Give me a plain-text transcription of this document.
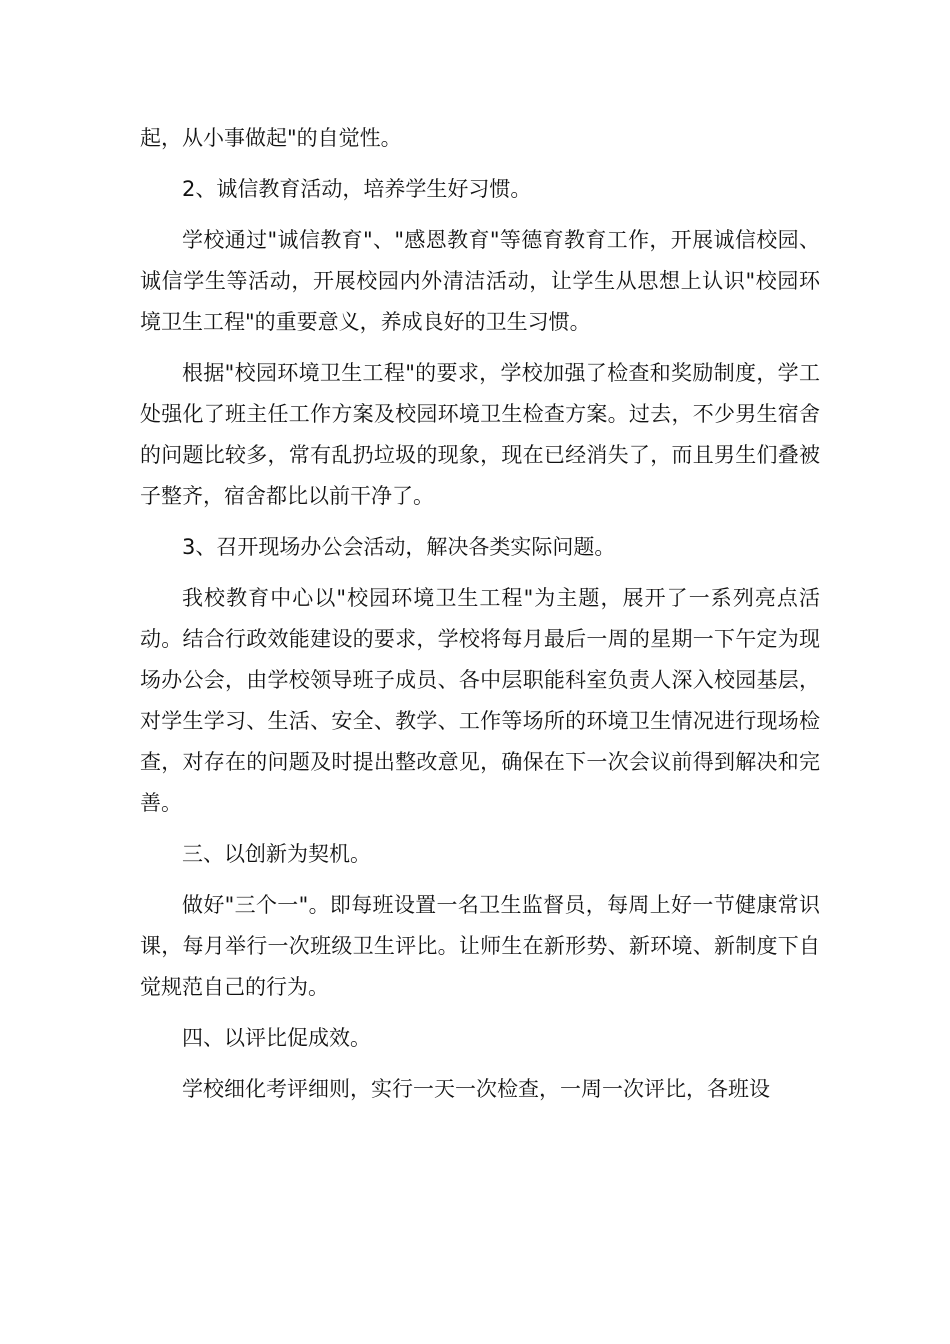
起，从小事做起"的自觉性。

2、诚信教育活动，培养学生好习惯。

学校通过"诚信教育"、"感恩教育"等德育教育工作，开展诚信校园、诚信学生等活动，开展校园内外清洁活动，让学生从思想上认识"校园环境卫生工程"的重要意义，养成良好的卫生习惯。

根据"校园环境卫生工程"的要求，学校加强了检查和奖励制度，学工处强化了班主任工作方案及校园环境卫生检查方案。过去，不少男生宿舍的问题比较多，常有乱扔垃圾的现象，现在已经消失了，而且男生们叠被子整齐，宿舍都比以前干净了。

3、召开现场办公会活动，解决各类实际问题。

我校教育中心以"校园环境卫生工程"为主题，展开了一系列亮点活动。结合行政效能建设的要求，学校将每月最后一周的星期一下午定为现场办公会，由学校领导班子成员、各中层职能科室负责人深入校园基层，对学生学习、生活、安全、教学、工作等场所的环境卫生情况进行现场检查，对存在的问题及时提出整改意见，确保在下一次会议前得到解决和完善。

三、以创新为契机。

做好"三个一"。即每班设置一名卫生监督员，每周上好一节健康常识课，每月举行一次班级卫生评比。让师生在新形势、新环境、新制度下自觉规范自己的行为。

四、以评比促成效。

学校细化考评细则，实行一天一次检查，一周一次评比，各班设
